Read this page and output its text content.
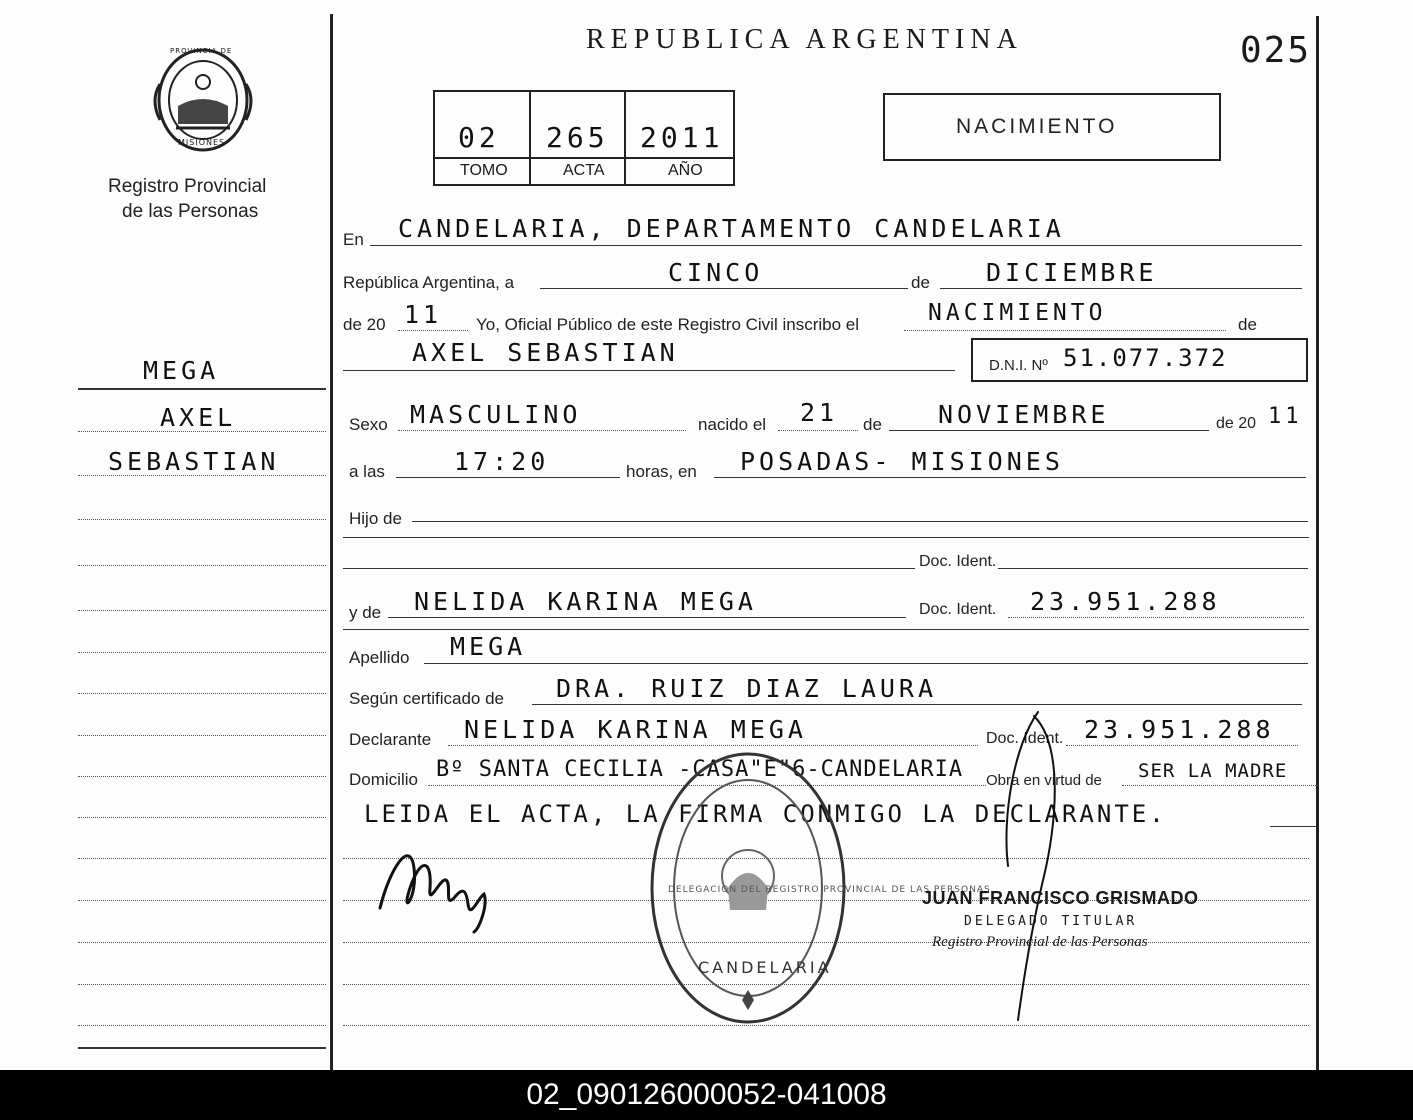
PROVINCIA DE
MISIONES
Registro Provincial
de las Personas
REPUBLICA ARGENTINA	025
02 265 2011
TOMO	ACTA	AÑO
NACIMIENTO
MEGA
AXEL
SEBASTIAN
En CANDELARIA, DEPARTAMENTO CANDELARIA
República Argentina, a	CINCO	de DICIEMBRE
de 20 11 Yo, Oficial Público de este Registro Civil inscribo el	NACIMIENTO	de
AXEL SEBASTIAN	D.N.I. Nº 51.077.372
Sexo MASCULINO	nacido el 21 de NOVIEMBRE	de 20 11
a las	17:20	horas, en POSADAS- MISIONES
Hijo de
Doc. Ident.
y de NELIDA KARINA MEGA	Doc. Ident. 23.951.288
Apellido MEGA
Según certificado de DRA. RUIZ DIAZ LAURA
Declarante NELIDA KARINA MEGA	Doc. Ident. 23.951.288
Domicilio Bº SANTA CECILIA -CASA"E"6-CANDELARIA Obra en virtud de SER LA MADRE
LEIDA EL ACTA, LA FIRMA CONMIGO LA DECLARANTE.
DELEGACION DEL REGISTRO PROVINCIAL DE LAS PERSONAS
CANDELARIA
JUAN FRANCISCO GRISMADO
DELEGADO TITULAR
Registro Provincial de las Personas
02_090126000052-041008
